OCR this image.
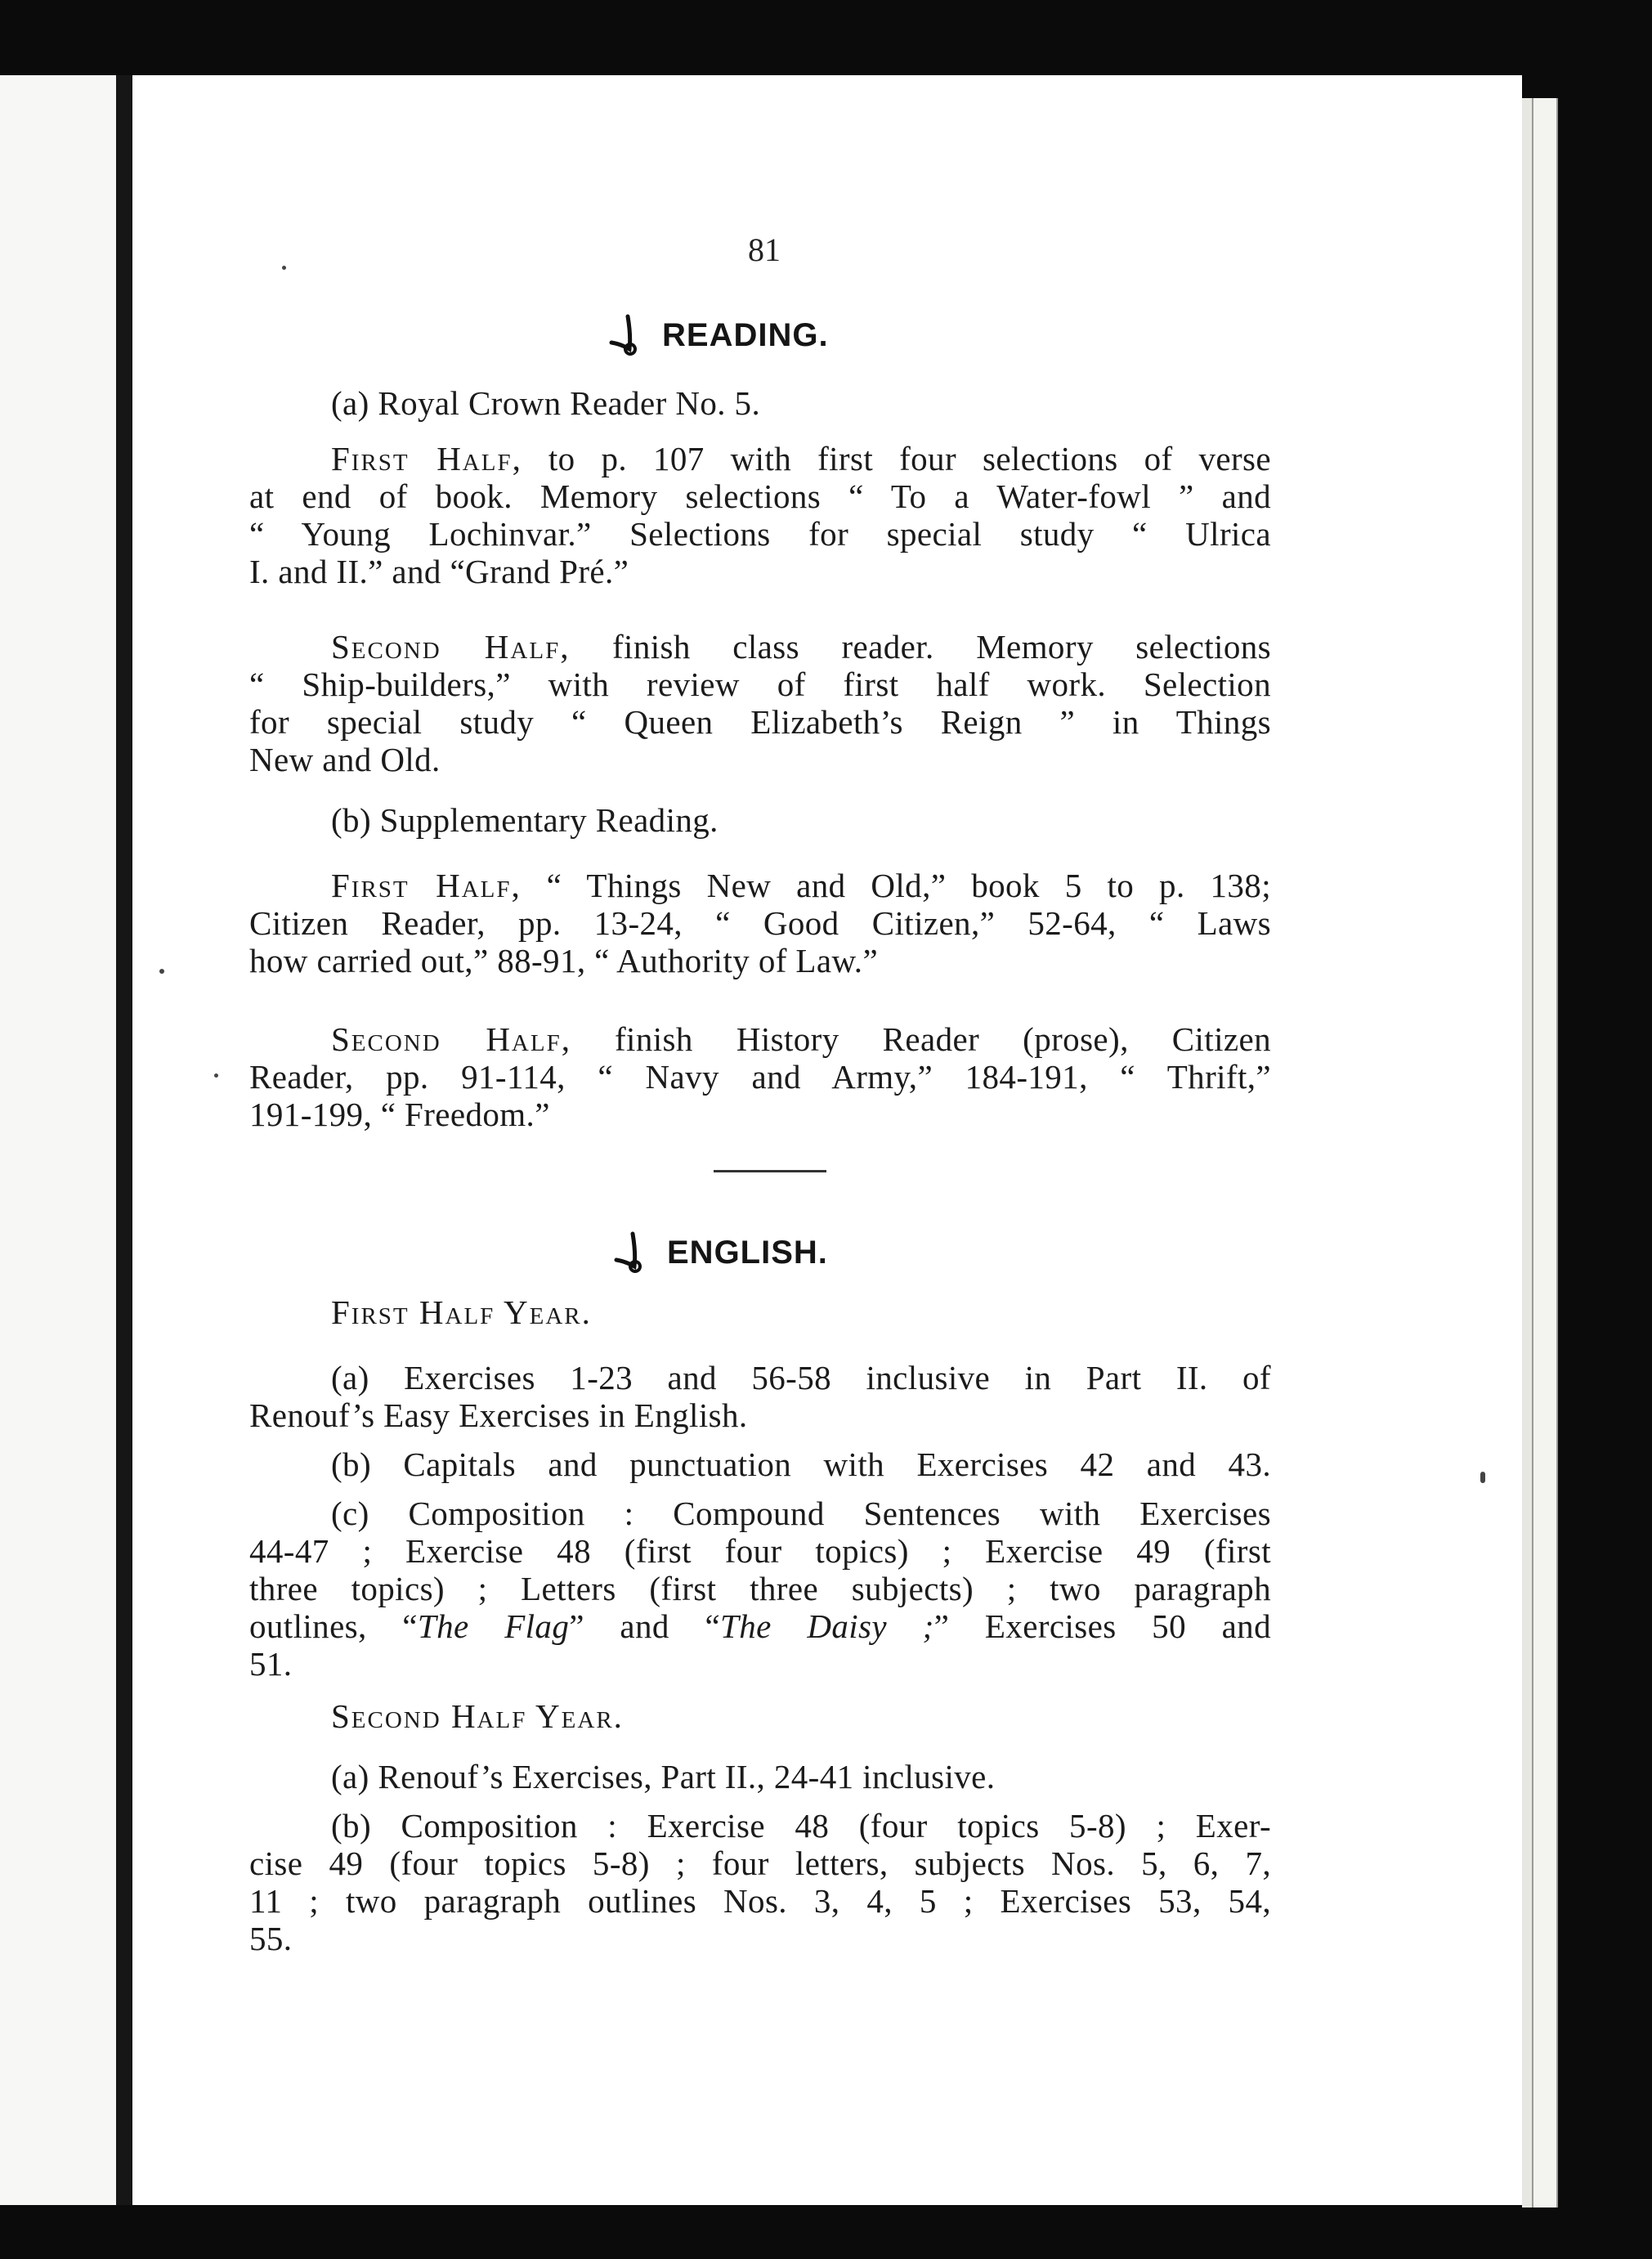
81
READING.

(a) Royal Crown Reader No. 5.

First Half, to p. 107 with first four selections of verse

at end of book. Memory selections “ To a Water-fowl ” and

“ Young Lochinvar.” Selections for special study “ Ulrica

I. and II.” and “Grand Pré.”

Second Half, finish class reader. Memory selections

“ Ship-builders,” with review of first half work. Selection

for special study “ Queen Elizabeth’s Reign ” in Things

New and Old.

(b) Supplementary Reading.

First Half, “ Things New and Old,” book 5 to p. 138;

Citizen Reader, pp. 13-24, “ Good Citizen,” 52-64, “ Laws

how carried out,” 88-91, “ Authority of Law.”

Second Half, finish History Reader (prose), Citizen

Reader, pp. 91-114, “ Navy and Army,” 184-191, “ Thrift,”

191-199, “ Freedom.”

ENGLISH.

First Half Year.

(a) Exercises 1-23 and 56-58 inclusive in Part II. of

Renouf’s Easy Exercises in English.

(b) Capitals and punctuation with Exercises 42 and 43.

(c) Composition : Compound Sentences with Exercises

44-47 ; Exercise 48 (first four topics) ; Exercise 49 (first

three topics) ; Letters (first three subjects) ; two paragraph

outlines, “The Flag” and “The Daisy ;” Exercises 50 and

51.

Second Half Year.

(a) Renouf’s Exercises, Part II., 24-41 inclusive.

(b) Composition : Exercise 48 (four topics 5-8) ; Exer-

cise 49 (four topics 5-8) ; four letters, subjects Nos. 5, 6, 7,

11 ; two paragraph outlines Nos. 3, 4, 5 ; Exercises 53, 54,

55.
